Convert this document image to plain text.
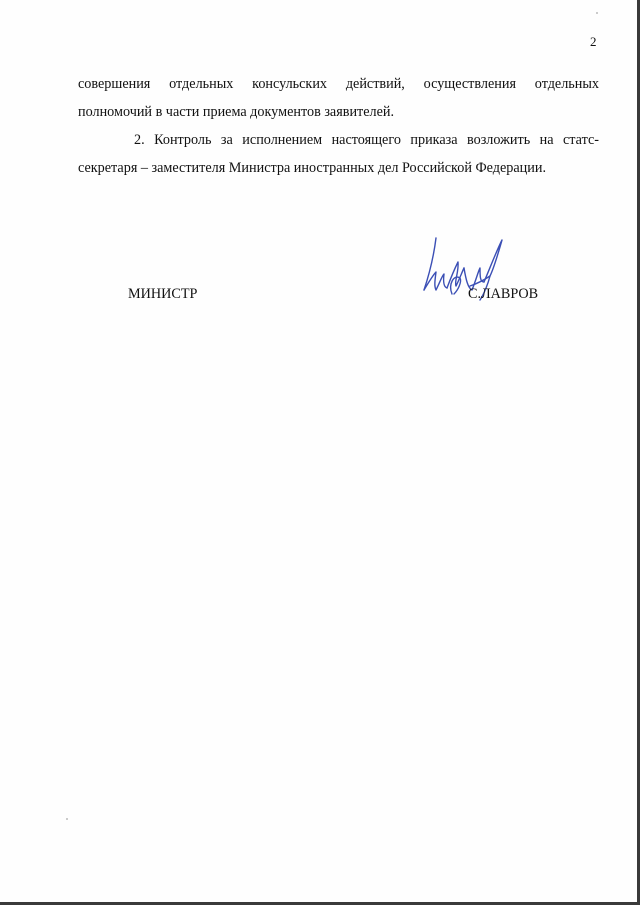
2
совершения отдельных консульских действий, осуществления отдельных
полномочий в части приема документов заявителей.
2. Контроль за исполнением настоящего приказа возложить на статс-
секретаря – заместителя Министра иностранных дел Российской Федерации.
МИНИСТР	С.ЛАВРОВ
